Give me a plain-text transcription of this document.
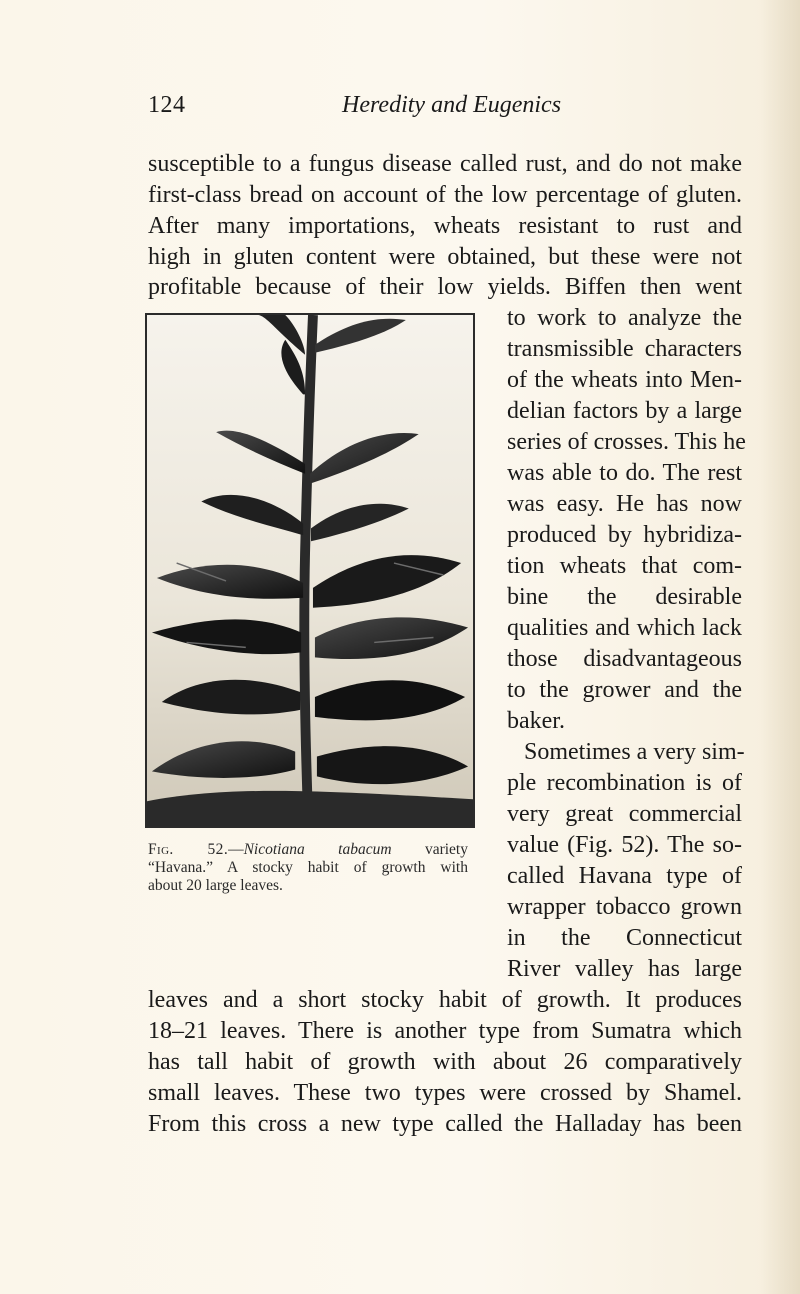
124	Heredity and Eugenics
susceptible to a fungus disease called rust, and do not make
first-class bread on account of the low percentage of gluten.
After many importations, wheats resistant to rust and
high in gluten content were obtained, but these were not
profitable because of their low yields. Biffen then went
to work to analyze the
transmissible characters
of the wheats into Men-
delian factors by a large
series of crosses. This he
was able to do. The rest
was easy. He has now
produced by hybridiza-
tion wheats that com-
bine the desirable
qualities and which lack
those disadvantageous
to the grower and the
baker.
Sometimes a very sim-
ple recombination is of
very great commercial
value (Fig. 52). The so-
called Havana type of
wrapper tobacco grown
in the Connecticut
River valley has large
leaves and a short stocky habit of growth. It produces
18–21 leaves. There is another type from Sumatra which
has tall habit of growth with about 26 comparatively
small leaves. These two types were crossed by Shamel.
From this cross a new type called the Halladay has been
Fig. 52.—Nicotiana tabacum variety
“Havana.” A stocky habit of growth with
about 20 large leaves.
